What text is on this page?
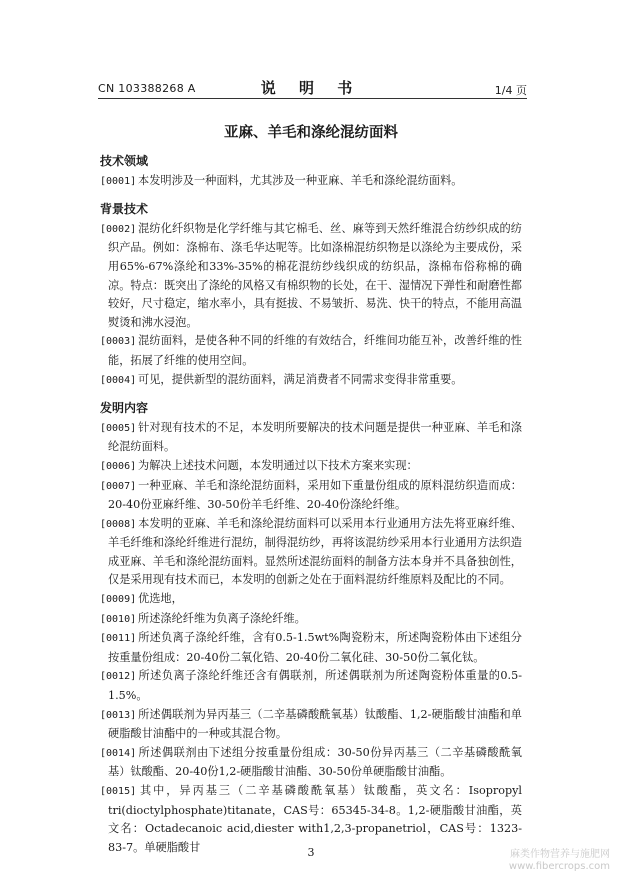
CN 103388268 A	说 明 书	1/4 页
亚麻、羊毛和涤纶混纺面料
技术领域
[0001] 本发明涉及一种面料，尤其涉及一种亚麻、羊毛和涤纶混纺面料。
背景技术
[0002] 混纺化纤织物是化学纤维与其它棉毛、丝、麻等到天然纤维混合纺纱织成的纺织产品。例如：涤棉布、涤毛华达呢等。比如涤棉混纺织物是以涤纶为主要成份，采用65%-67%涤纶和33%-35%的棉花混纺纱线织成的纺织品，涤棉布俗称棉的确凉。特点：既突出了涤纶的风格又有棉织物的长处，在干、湿情况下弹性和耐磨性都较好，尺寸稳定，缩水率小，具有挺拔、不易皱折、易洗、快干的特点，不能用高温熨烫和沸水浸泡。
[0003] 混纺面料，是使各种不同的纤维的有效结合，纤维间功能互补，改善纤维的性能，拓展了纤维的使用空间。
[0004] 可见，提供新型的混纺面料，满足消费者不同需求变得非常重要。
发明内容
[0005] 针对现有技术的不足，本发明所要解决的技术问题是提供一种亚麻、羊毛和涤纶混纺面料。
[0006] 为解决上述技术问题，本发明通过以下技术方案来实现：
[0007] 一种亚麻、羊毛和涤纶混纺面料，采用如下重量份组成的原料混纺织造而成：20-40份亚麻纤维、30-50份羊毛纤维、20-40份涤纶纤维。
[0008] 本发明的亚麻、羊毛和涤纶混纺面料可以采用本行业通用方法先将亚麻纤维、羊毛纤维和涤纶纤维进行混纺，制得混纺纱，再将该混纺纱采用本行业通用方法织造成亚麻、羊毛和涤纶混纺面料。显然所述混纺面料的制备方法本身并不具备独创性，仅是采用现有技术而已，本发明的创新之处在于面料混纺纤维原料及配比的不同。
[0009] 优选地，
[0010] 所述涤纶纤维为负离子涤纶纤维。
[0011] 所述负离子涤纶纤维，含有0.5-1.5wt%陶瓷粉末，所述陶瓷粉体由下述组分按重量份组成：20-40份二氧化锆、20-40份二氧化硅、30-50份二氧化钛。
[0012] 所述负离子涤纶纤维还含有偶联剂，所述偶联剂为所述陶瓷粉体重量的0.5-1.5%。
[0013] 所述偶联剂为异丙基三（二辛基磷酸酰氧基）钛酸酯、1,2-硬脂酸甘油酯和单硬脂酸甘油酯中的一种或其混合物。
[0014] 所述偶联剂由下述组分按重量份组成：30-50份异丙基三（二辛基磷酸酰氧基）钛酸酯、20-40份1,2-硬脂酸甘油酯、30-50份单硬脂酸甘油酯。
[0015] 其中，异丙基三（二辛基磷酸酰氧基）钛酸酯，英文名：Isopropyl tri(dioctylphosphate)titanate，CAS号：65345-34-8。1,2-硬脂酸甘油酯，英文名：Octadecanoic acid,diester with1,2,3-propanetriol，CAS号：1323-83-7。单硬脂酸甘	3	麻类作物营养与施肥网
www.fibercrops.com
